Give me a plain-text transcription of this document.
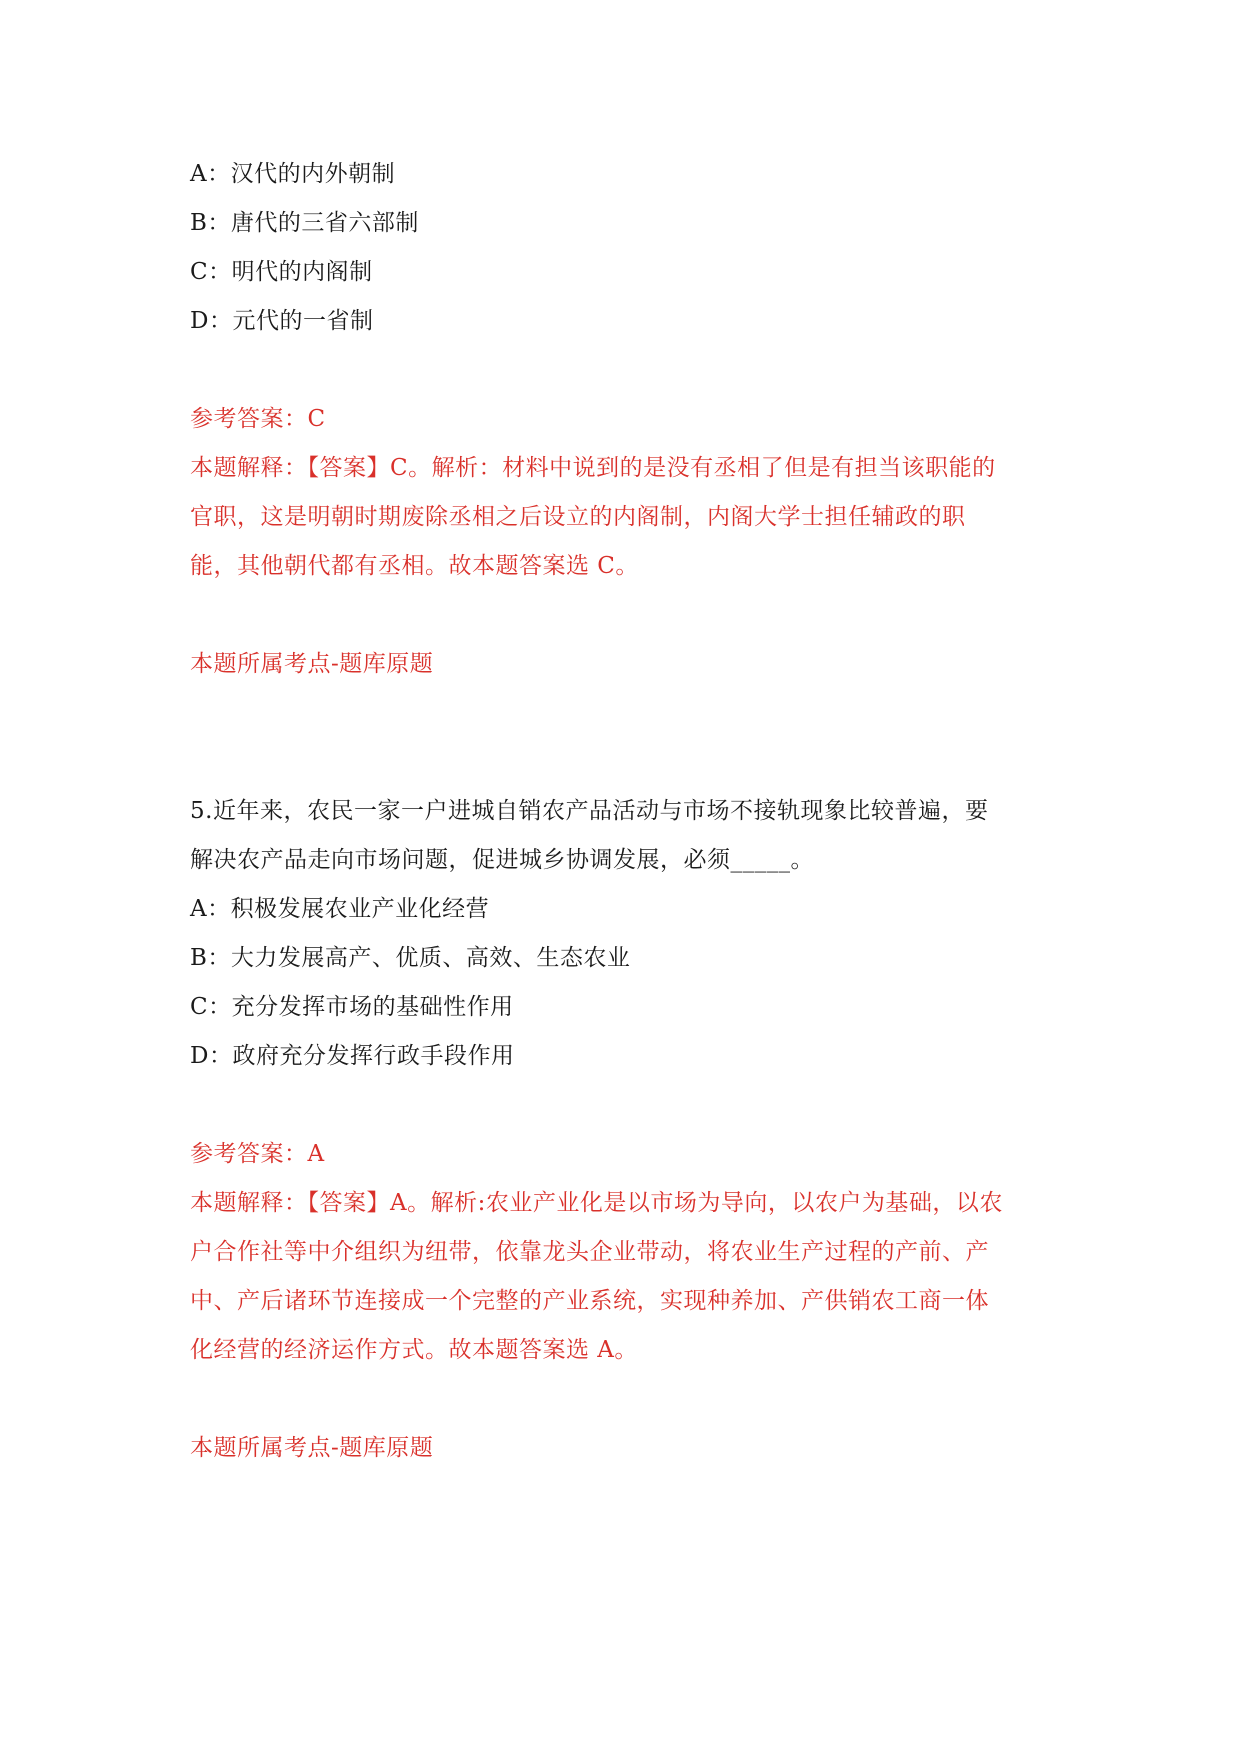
A：汉代的内外朝制
B：唐代的三省六部制
C：明代的内阁制
D：元代的一省制
参考答案：C
本题解释：【答案】C。解析：材料中说到的是没有丞相了但是有担当该职能的
官职，这是明朝时期废除丞相之后设立的内阁制，内阁大学士担任辅政的职
能，其他朝代都有丞相。故本题答案选 C。
本题所属考点-题库原题
5.近年来，农民一家一户进城自销农产品活动与市场不接轨现象比较普遍，要
解决农产品走向市场问题，促进城乡协调发展，必须_____。
A：积极发展农业产业化经营
B：大力发展高产、优质、高效、生态农业
C：充分发挥市场的基础性作用
D：政府充分发挥行政手段作用
参考答案：A
本题解释：【答案】A。解析:农业产业化是以市场为导向，以农户为基础，以农
户合作社等中介组织为纽带，依靠龙头企业带动，将农业生产过程的产前、产
中、产后诸环节连接成一个完整的产业系统，实现种养加、产供销农工商一体
化经营的经济运作方式。故本题答案选 A。
本题所属考点-题库原题
